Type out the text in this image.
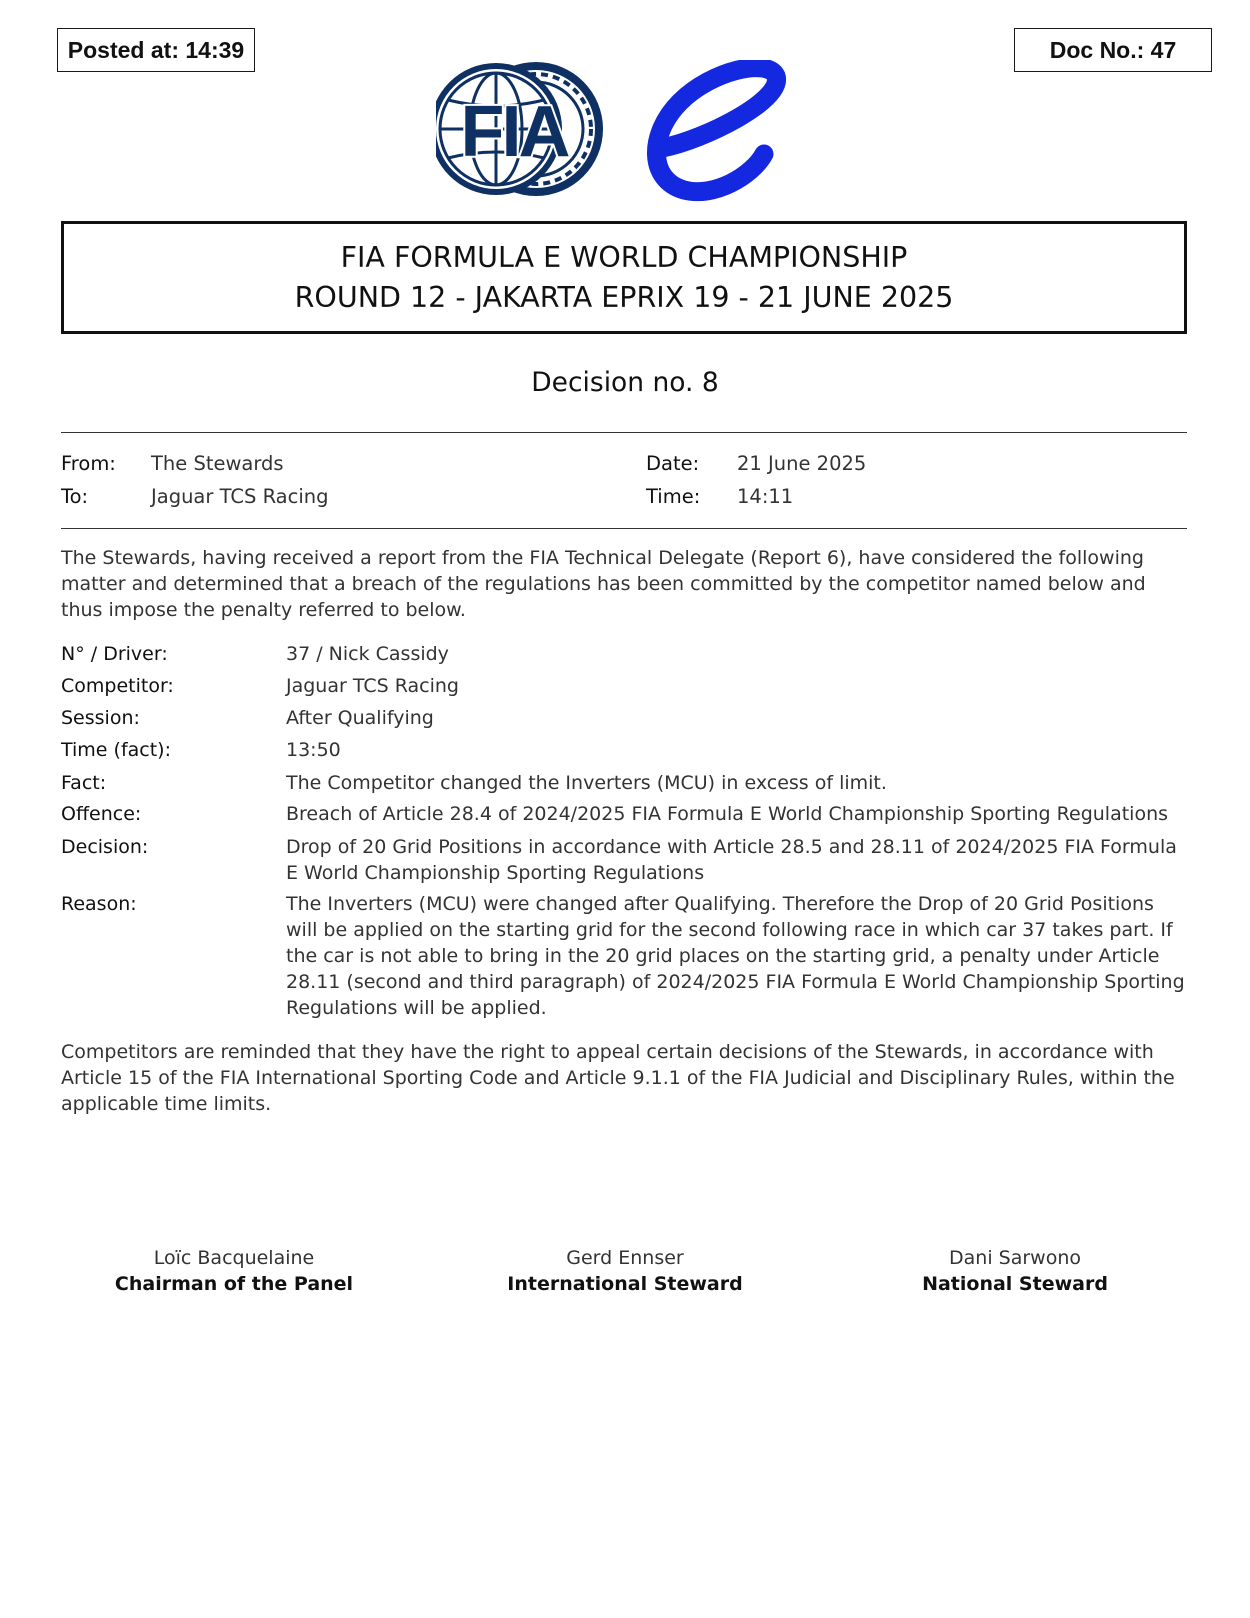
Posted at: 14:39	Doc No.: 47
FIA
FIA FORMULA E WORLD CHAMPIONSHIP
ROUND 12 - JAKARTA EPRIX 19 - 21 JUNE 2025
Decision no. 8
From: The Stewards
To:	Jaguar TCS Racing
Date: 21 June 2025
Time: 14:11
The Stewards, having received a report from the FIA Technical Delegate (Report 6), have considered the following matter and determined that a breach of the regulations has been committed by the competitor named below and thus impose the penalty referred to below.
N° / Driver:	37 / Nick Cassidy
Competitor:	Jaguar TCS Racing
Session:	After Qualifying
Time (fact):	13:50
Fact:	The Competitor changed the Inverters (MCU) in excess of limit.
Offence:	Breach of Article 28.4 of 2024/2025 FIA Formula E World Championship Sporting Regulations
Decision:	Drop of 20 Grid Positions in accordance with Article 28.5 and 28.11 of 2024/2025 FIA Formula E World Championship Sporting Regulations
Reason:	The Inverters (MCU) were changed after Qualifying. Therefore the Drop of 20 Grid Positions will be applied on the starting grid for the second following race in which car 37 takes part. If the car is not able to bring in the 20 grid places on the starting grid, a penalty under Article 28.11 (second and third paragraph) of 2024/2025 FIA Formula E World Championship Sporting Regulations will be applied.
Competitors are reminded that they have the right to appeal certain decisions of the Stewards, in accordance with Article 15 of the FIA International Sporting Code and Article 9.1.1 of the FIA Judicial and Disciplinary Rules, within the applicable time limits.
Loïc Bacquelaine
Chairman of the Panel
Gerd Ennser
International Steward
Dani Sarwono
National Steward
